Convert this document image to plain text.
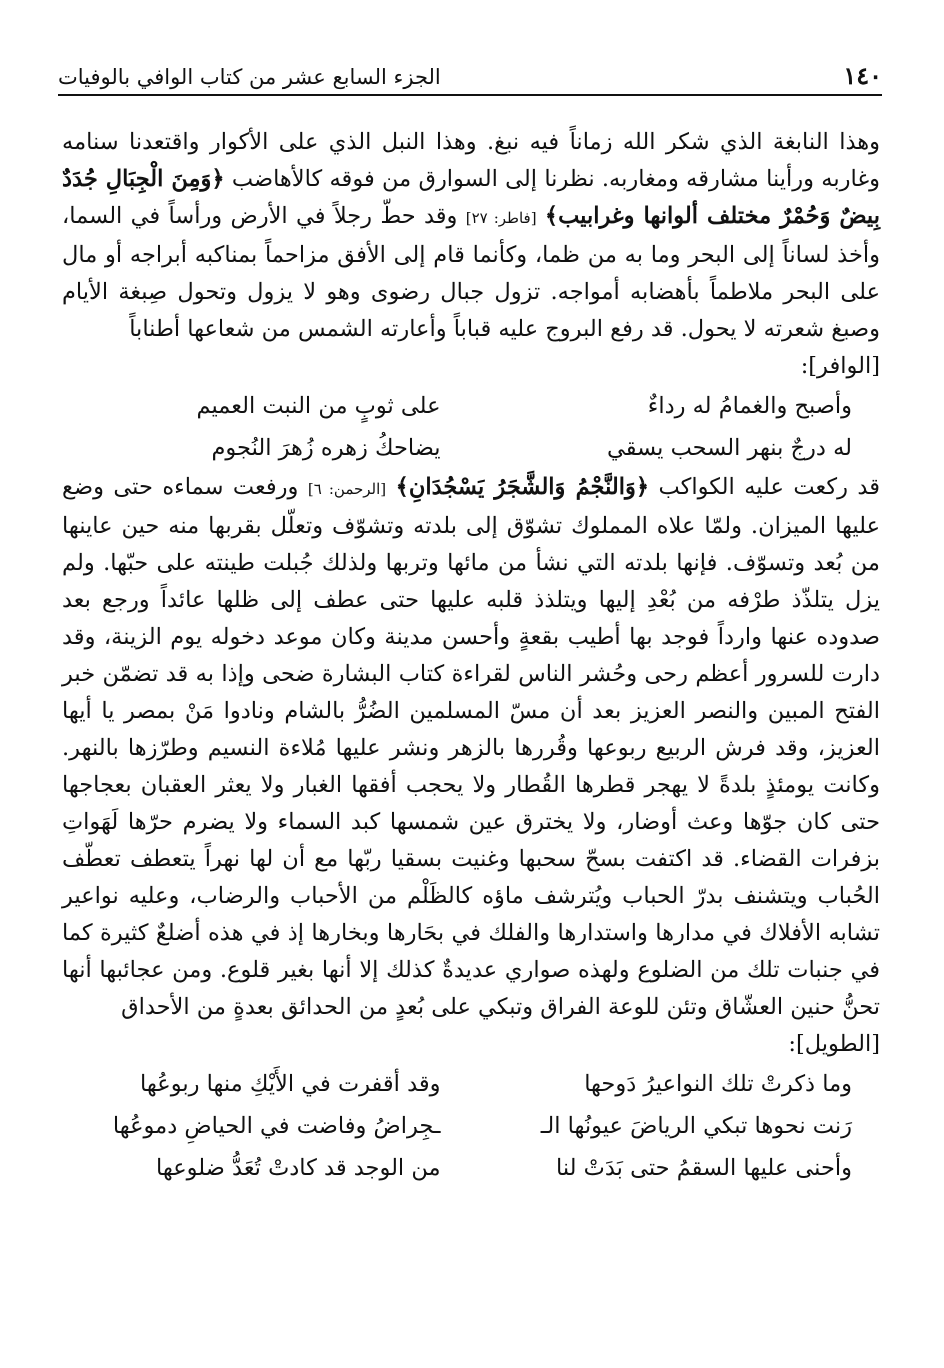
١٤٠
الجزء السابع عشر من كتاب الوافي بالوفيات

وهذا النابغة الذي شكر الله زماناً فيه نبغ. وهذا النبل الذي على الأكوار واقتعدنا سنامه وغاربه ورأينا مشارقه ومغاربه. نظرنا إلى السوارق من فوقه كالأهاضب ﴿وَمِنَ الْجِبَالِ جُدَدٌ بِيضٌ وَحُمْرٌ مختلف ألوانها وغرابيب﴾ [فاطر: ٢٧] وقد حطّ رجلاً في الأرض ورأساً في السما، وأخذ لساناً إلى البحر وما به من ظما، وكأنما قام إلى الأفق مزاحماً بمناكبه أبراجه أو مال على البحر ملاطماً بأهضابه أمواجه. تزول جبال رضوى وهو لا يزول وتحول صِبغة الأيام وصبغ شعرته لا يحول. قد رفع البروج عليه قباباً وأعارته الشمس من شعاعها أطناباً

[الوافر]:

وأصبح والغمامُ له رداءٌ
على ثوبٍ من النبت العميم
له درجٌ بنهر السحب يسقي
يضاحكُ زهره زُهرَ النُجوم

قد ركعت عليه الكواكب ﴿وَالنَّجْمُ وَالشَّجَرُ يَسْجُدَانِ﴾ [الرحمن: ٦] ورفعت سماءه حتى وضع عليها الميزان. ولمّا علاه المملوك تشوّق إلى بلدته وتشوّف وتعلّل بقربها منه حين عاينها من بُعد وتسوّف. فإنها بلدته التي نشأ من مائها وتربها ولذلك جُبلت طينته على حبّها. ولم يزل يتلذّذ طرْفه من بُعْدِ إليها ويتلذذ قلبه عليها حتى عطف إلى ظلها عائداً ورجع بعد صدوده عنها وارداً فوجد بها أطيب بقعةٍ وأحسن مدينة وكان موعد دخوله يوم الزينة، وقد دارت للسرور أعظم رحى وحُشر الناس لقراءة كتاب البشارة ضحى وإذا به قد تضمّن خبر الفتح المبين والنصر العزيز بعد أن مسّ المسلمين الضُرُّ بالشام ونادوا مَنْ بمصر يا أيها العزيز، وقد فرش الربيع ربوعها وقُررها بالزهر ونشر عليها مُلاءة النسيم وطرّزها بالنهر. وكانت يومئذٍ بلدةً لا يهجر قطرها القُطار ولا يحجب أفقها الغبار ولا يعثر العقبان بعجاجها حتى كان جوّها وعث أوضار، ولا يخترق عين شمسها كبد السماء ولا يضرم حرّها لَهَواتِ بزفرات القضاء. قد اكتفت بسحّ سحبها وغنيت بسقيا ربّها مع أن لها نهراً يتعطف تعطّف الحُباب ويتشنف بدرّ الحباب ويُترشف ماؤه كالظَلْم من الأحباب والرضاب، وعليه نواعير تشابه الأفلاك في مدارها واستدارها والفلك في بحَارها وبخارها إذ في هذه أضلعٌ كثيرة كما في جنبات تلك من الضلوع ولهذه صواري عديدةٌ كذلك إلا أنها بغير قلوع. ومن عجائبها أنها تحنُّ حنين العشّاق وتئن للوعة الفراق وتبكي على بُعدٍ من الحدائق بعدةٍ من الأحداق

[الطويل]:

وما ذكرتْ تلك النواعيرُ دَوحها
وقد أقفرت في الأَيْكِ منها ربوعُها
رَنت نحوها تبكي الرياضَ عيونُها الـ
ـجِراضُ وفاضت في الحياضِ دموعُها
وأحنى عليها السقمُ حتى بَدَتْ لنا
من الوجد قد كادتْ تُعَدُّ ضلوعها
